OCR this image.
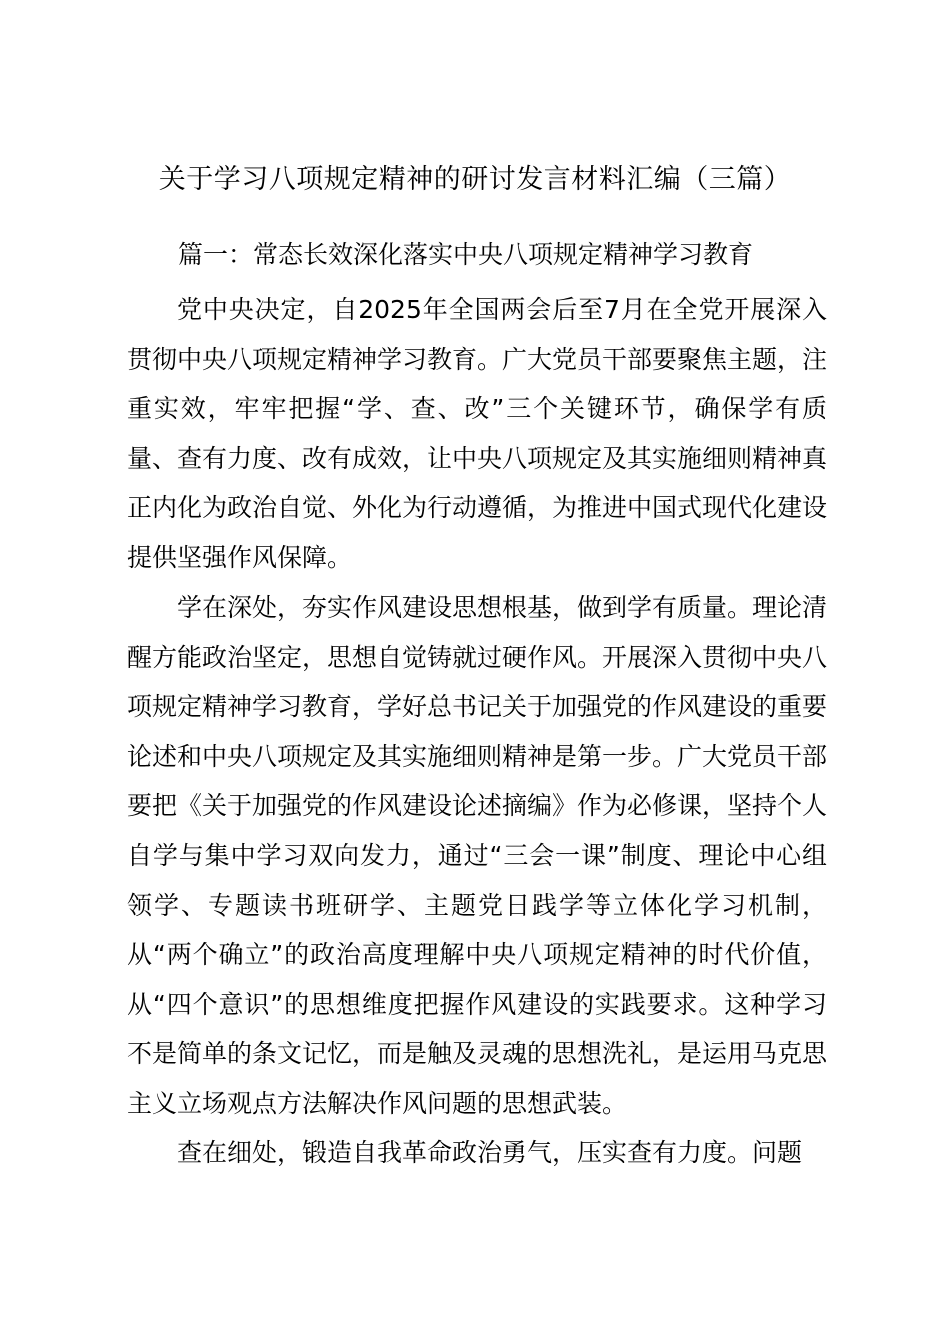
关于学习八项规定精神的研讨发言材料汇编（三篇）
篇一：常态长效深化落实中央八项规定精神学习教育

党中央决定，自2025年全国两会后至7月在全党开展深入贯彻中央八项规定精神学习教育。广大党员干部要聚焦主题，注重实效，牢牢把握“学、查、改”三个关键环节，确保学有质量、查有力度、改有成效，让中央八项规定及其实施细则精神真正内化为政治自觉、外化为行动遵循，为推进中国式现代化建设提供坚强作风保障。

学在深处，夯实作风建设思想根基，做到学有质量。理论清醒方能政治坚定，思想自觉铸就过硬作风。开展深入贯彻中央八项规定精神学习教育，学好总书记关于加强党的作风建设的重要论述和中央八项规定及其实施细则精神是第一步。广大党员干部要把《关于加强党的作风建设论述摘编》作为必修课，坚持个人自学与集中学习双向发力，通过“三会一课”制度、理论中心组领学、专题读书班研学、主题党日践学等立体化学习机制，从“两个确立”的政治高度理解中央八项规定精神的时代价值，从“四个意识”的思想维度把握作风建设的实践要求。这种学习不是简单的条文记忆，而是触及灵魂的思想洗礼，是运用马克思主义立场观点方法解决作风问题的思想武装。

查在细处，锻造自我革命政治勇气，压实查有力度。问题
